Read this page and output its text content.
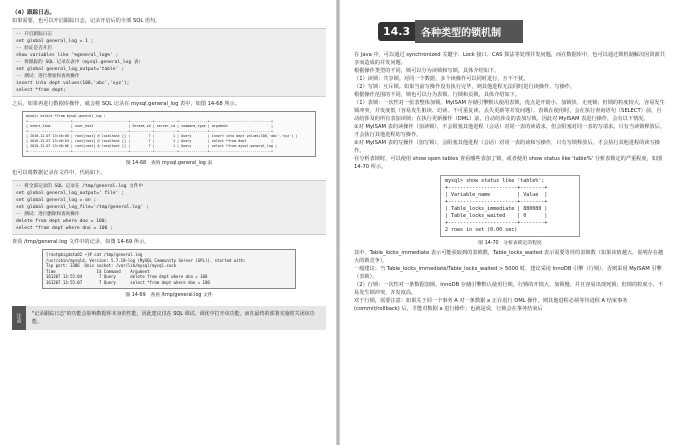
（4）跟踪日志。

如果需要，也可以开启跟踪日志，记录开启后的全部 SQL 语句。

-- 开启跟踪日志
set global general_log = 1 ;
-- 验证是否开启
show variables like '%general_log%' ;
-- 将跟踪的 SQL 记录在表中（mysql.general_log 表）
set global general_log_output='table' ;
-- 测试：进行增加和查询操作
insert into dept values(100,'abc','xyz');
select *from dept;

之后，如果再进行数据库操作，就会将 SQL 记录在 mysql.general_log 表中，如图 14-68 所示。

mysql> select *from mysql.general_log ;
+---------------------+---------------------------+-----------+-----------+--------------+------------------------------+
| event_time          | user_host                 | thread_id | server_id | command_type | argument                     |
+---------------------+---------------------------+-----------+-----------+--------------+------------------------------+
| 2016-12-07 13:46:00 | root[root] @ localhost [] |         7 |         1 | Query        | insert into dept values(100,'abc','xyz') |
| 2016-12-07 13:46:03 | root[root] @ localhost [] |         7 |         1 | Query        | select *from dept            |
| 2016-12-07 13:46:06 | root[root] @ localhost [] |         7 |         1 | Query        | select *from mysql.general_log |
+---------------------+---------------------------+-----------+-----------+--------------+------------------------------+
图 14-68　查询 mysql.general_log 表

也可以将数据记录在文件中，代码如下。

-- 将全部记录的 SQL 记录在 /tmp/general.log 文件中
set global general_log_output=' file' ;
set global general_log = on ;
set global general_log_file='/tmp/general.log' ;
-- 测试：进行删除和查询操作
delete from dept where dno = 100;
select *from dept where dno = 100 ;

查看 /tmp/general.log 文件中的记录，如图 14-69 所示。

[root@bigdata02 ~]# cat /tmp/general.log
/usr/sbin/mysqld, Version: 5.7.18-log (MySQL Community Server (GPL)). started with:
Tcp port: 3306  Unix socket: /var/lib/mysql/mysql.sock
Time                 Id Command    Argument
161207 13:55:04       7 Query      delete from dept where dno = 100
161207 13:55:07       7 Query      select *from dept where dno = 100
图 14-69　查看 /tmp/general.log 文件
注意	"记录跟踪日志"的功能会影响数据库本身的性能，因此建议仅在 SQL 调试、调优中打开该功能，而在最终的部署实施时关闭该功能。
14.3	各种类型的锁机制

在 Java 中，可以通过 synchronized 关键字、Lock 接口、CAS 算法等处理并发问题，而在数据库中，也可以通过锁机制解决因资源共享而造成的并发问题。

根据操作类型的不同，锁可以分为读锁和写锁，具体介绍如下。

（1）读锁：共享锁。对同一个数据，多个读操作可以同时进行，互不干扰。

（2）写锁：互斥锁。如果当前写操作没有执行完毕，则其他进程无法同时进行读操作、写操作。

根据操作范围的不同，锁也可以分为表锁、行锁和页锁，具体介绍如下。

（1）表锁：一次性对一张表整体加锁。MyISAM 存储引擎默认使用表锁，优点是开销小、加锁快、无死锁；但锁的粒度较大，容易发生锁冲突，并发度低（容易发生脏读、幻读、不可重复读、丢失更新等并发问题）。表锁在使用时，会在执行查询语句（SELECT）前，自动给涉及的所有表加读锁；在执行更新操作（DML）前，自动给涉及的表加写锁。因此对 MyISAM 表进行操作，会有以下情况。

①对 MyISAM 表的读操作（加读锁），不会阻塞其他进程（会话）对同一表的读请求，但会阻塞对同一表的写请求。只有当读锁释放后，才会执行其他进程的写操作。

②对 MyISAM 表的写操作（加写锁），会阻塞其他进程（会话）对同一表的读和写操作，只有写锁释放后，才会执行其他进程的读写操作。

在分析表锁时，可以使用 show open tables 查看哪些表加了锁，或者使用 show status like 'table%' 分析表锁定的严重程度，如图 14-70 所示。

mysql> show status like 'table%';
+-----------------------+--------+
| Variable_name         | Value  |
+-----------------------+--------+
| Table_locks_immediate | 880080 |
| Table_locks_waited    | 0      |
+-----------------------+--------+
2 rows in set (0.00 sec)
图 14-70　分析表锁定的程度

其中，Table_locks_immediate 表示可能获取到的表锁数，Table_locks_waited 表示需要等待的表锁数（如果该值越大，说明存在越大的锁竞争）。

一般建议：当 Table_locks_immediate/Table_locks_waited > 5000 时，建议采用 InnoDB 引擎（行锁），否则采用 MyISAM 引擎（表锁）。

（2）行锁：一次性对一条数据加锁。InnoDB 存储引擎默认使用行锁，行锁的开销大、加锁慢，并且容易出现死锁；但锁的粒度小，不易发生锁冲突，并发度高。

对于行锁，需要注意：如果关于同一个事务 A 对一条数据 a 正在进行 DML 操作，则其他进程必须等待进程 A 结束事务 (commit/rollback) 后，才能对数据 a 进行操作；也就是说，行锁会在事务结束后
